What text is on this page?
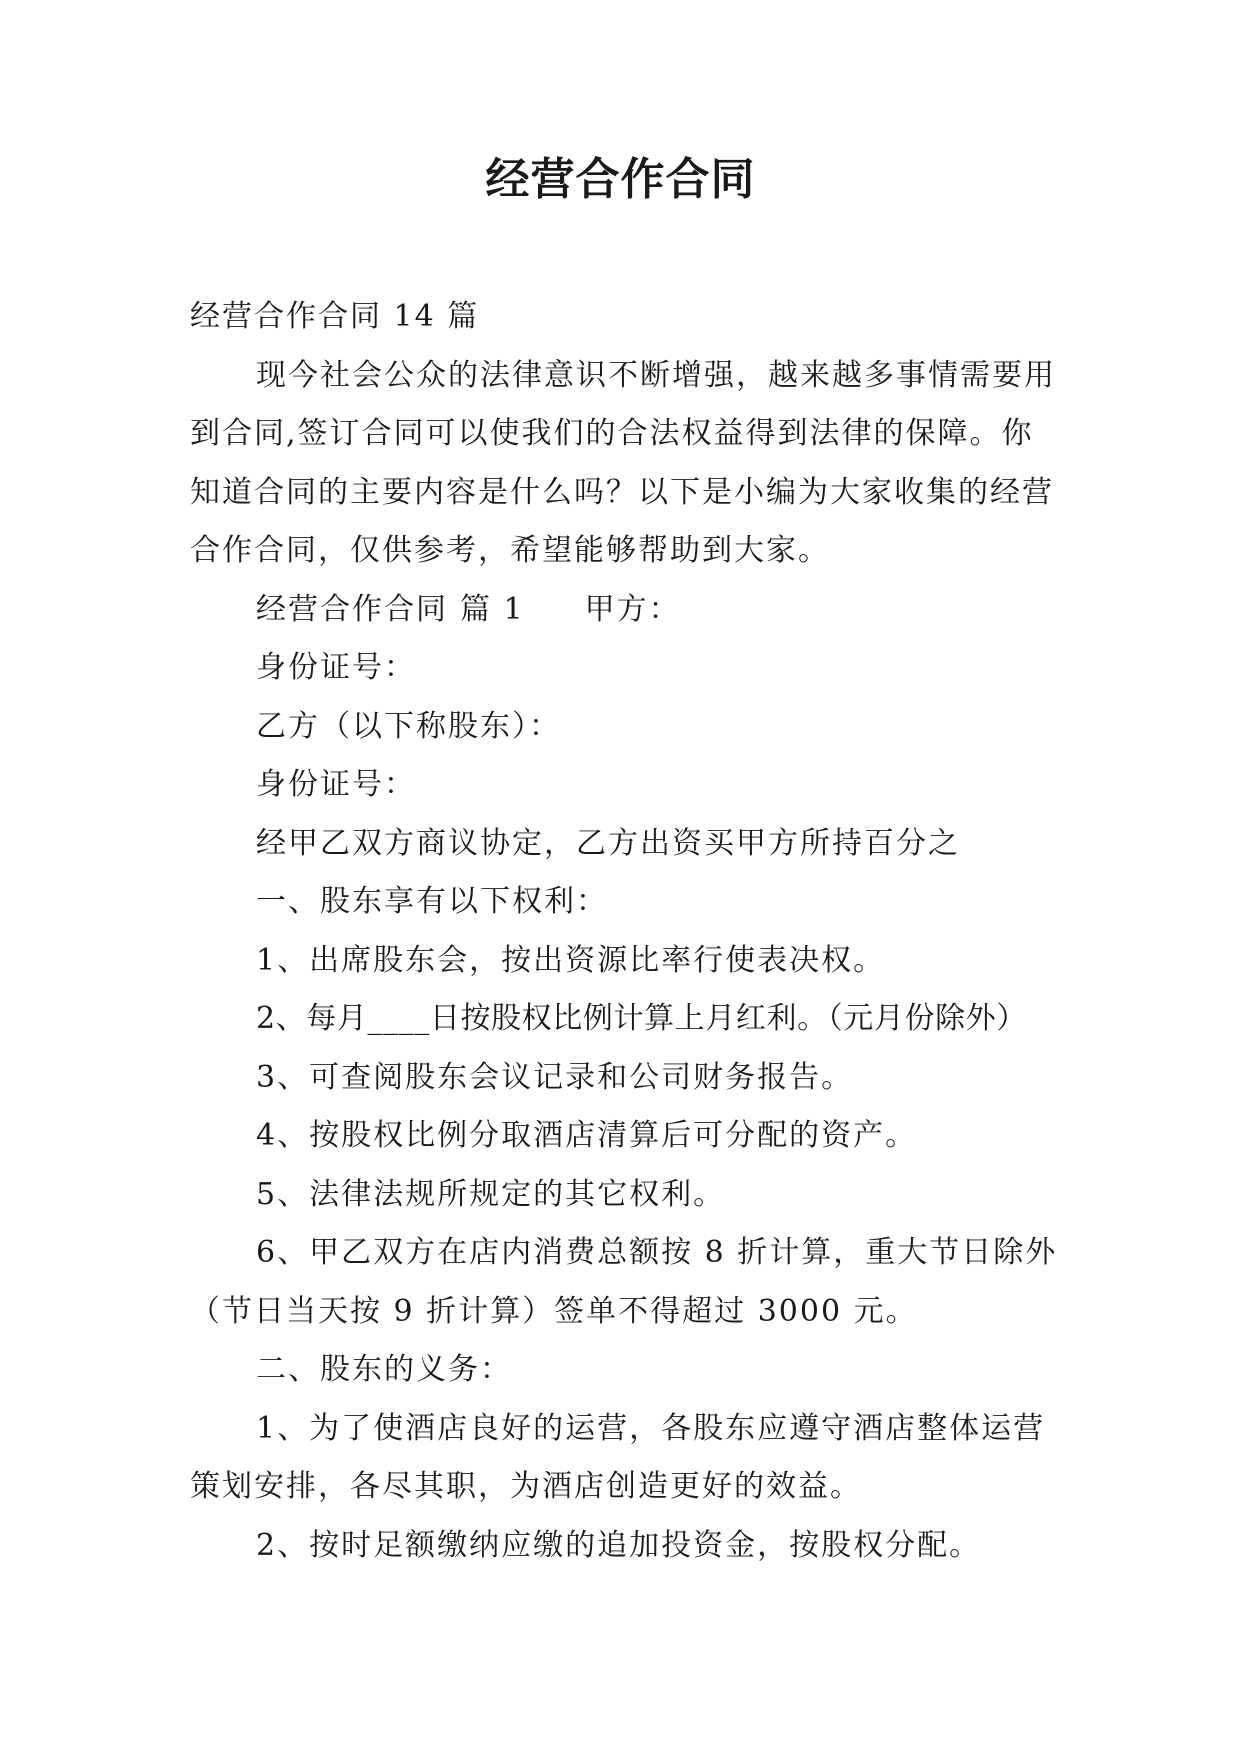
经营合作合同

经营合作合同 14 篇

现今社会公众的法律意识不断增强，越来越多事情需要用到合同,签订合同可以使我们的合法权益得到法律的保障。你知道合同的主要内容是什么吗？以下是小编为大家收集的经营合作合同，仅供参考，希望能够帮助到大家。

经营合作合同 篇 1 甲方：

身份证号：

乙方（以下称股东）：

身份证号：

经甲乙双方商议协定，乙方出资买甲方所持百分之

一、股东享有以下权利：

1、出席股东会，按出资源比率行使表决权。

2、每月____日按股权比例计算上月红利。（元月份除外）

3、可查阅股东会议记录和公司财务报告。

4、按股权比例分取酒店清算后可分配的资产。

5、法律法规所规定的其它权利。

6、甲乙双方在店内消费总额按 8 折计算，重大节日除外（节日当天按 9 折计算）签单不得超过 3000 元。

二、股东的义务：

1、为了使酒店良好的运营，各股东应遵守酒店整体运营策划安排，各尽其职，为酒店创造更好的效益。

2、按时足额缴纳应缴的追加投资金，按股权分配。
